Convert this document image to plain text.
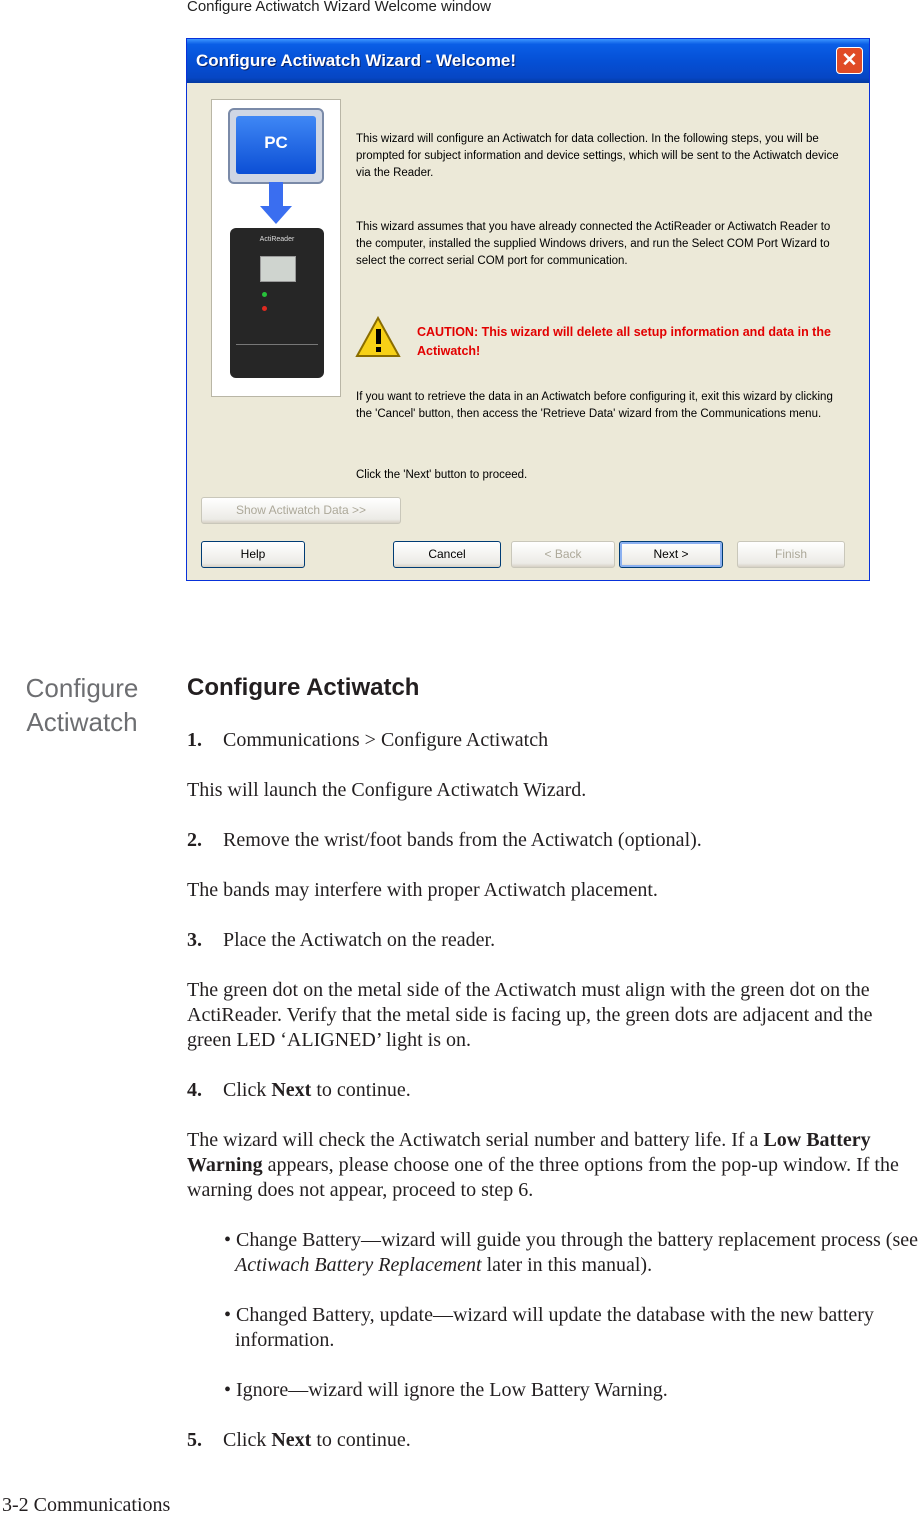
Configure Actiwatch Wizard Welcome window
Configure Actiwatch Wizard - Welcome!	✕
PC
ActiReader

This wizard will configure an Actiwatch for data collection. In the following steps, you will be prompted for subject information and device settings, which will be sent to the Actiwatch device via the Reader.

This wizard assumes that you have already connected the ActiReader or Actiwatch Reader to the computer, installed the supplied Windows drivers, and run the Select COM Port Wizard to select the correct serial COM port for communication.

CAUTION: This wizard will delete all setup information and data in the Actiwatch!

If you want to retrieve the data in an Actiwatch before configuring it, exit this wizard by clicking the 'Cancel' button, then access the 'Retrieve Data' wizard from the Communications menu.

Click the 'Next' button to proceed.

Show Actiwatch Data >>
Help	Cancel	< Back	Next >	Finish

Configure Actiwatch

Configure Actiwatch

1. Communications > Configure Actiwatch

This will launch the Configure Actiwatch Wizard.

2. Remove the wrist/foot bands from the Actiwatch (optional).

The bands may interfere with proper Actiwatch placement.

3. Place the Actiwatch on the reader.

The green dot on the metal side of the Actiwatch must align with the green dot on the ActiReader. Verify that the metal side is facing up, the green dots are adjacent and the green LED ‘ALIGNED’ light is on.

4. Click Next to continue.

The wizard will check the Actiwatch serial number and battery life. If a Low Battery Warning appears, please choose one of the three options from the pop-up window. If the warning does not appear, proceed to step 6.

• Change Battery—wizard will guide you through the battery replacement process (see Actiwach Battery Replacement later in this manual).

• Changed Battery, update—wizard will update the database with the new battery information.

• Ignore—wizard will ignore the Low Battery Warning.

5. Click Next to continue.

3-2 Communications
